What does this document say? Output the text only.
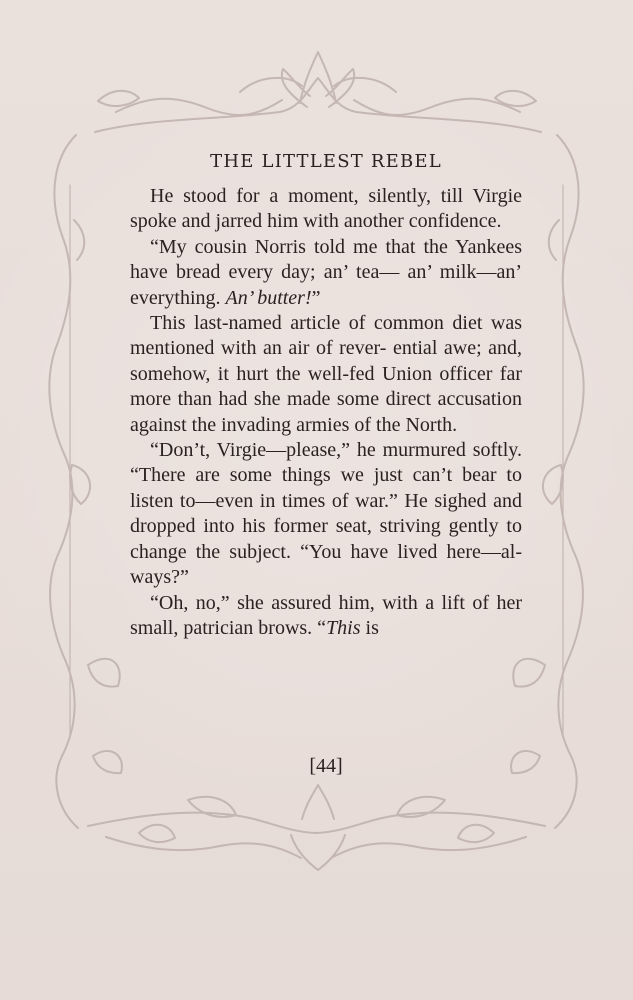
THE LITTLEST REBEL

He stood for a moment, silently, till Virgie spoke and jarred him with another confidence.

“My cousin Norris told me that the Yankees have bread every day; an’ tea— an’ milk—an’ everything. An’ butter!”

This last-named article of common diet was mentioned with an air of rever- ential awe; and, somehow, it hurt the well-fed Union officer far more than had she made some direct accusation against the invading armies of the North.

“Don’t, Virgie—please,” he murmured softly. “There are some things we just can’t bear to listen to—even in times of war.” He sighed and dropped into his former seat, striving gently to change the subject. “You have lived here—al- ways?”

“Oh, no,” she assured him, with a lift of her small, patrician brows. “This is

[44]
